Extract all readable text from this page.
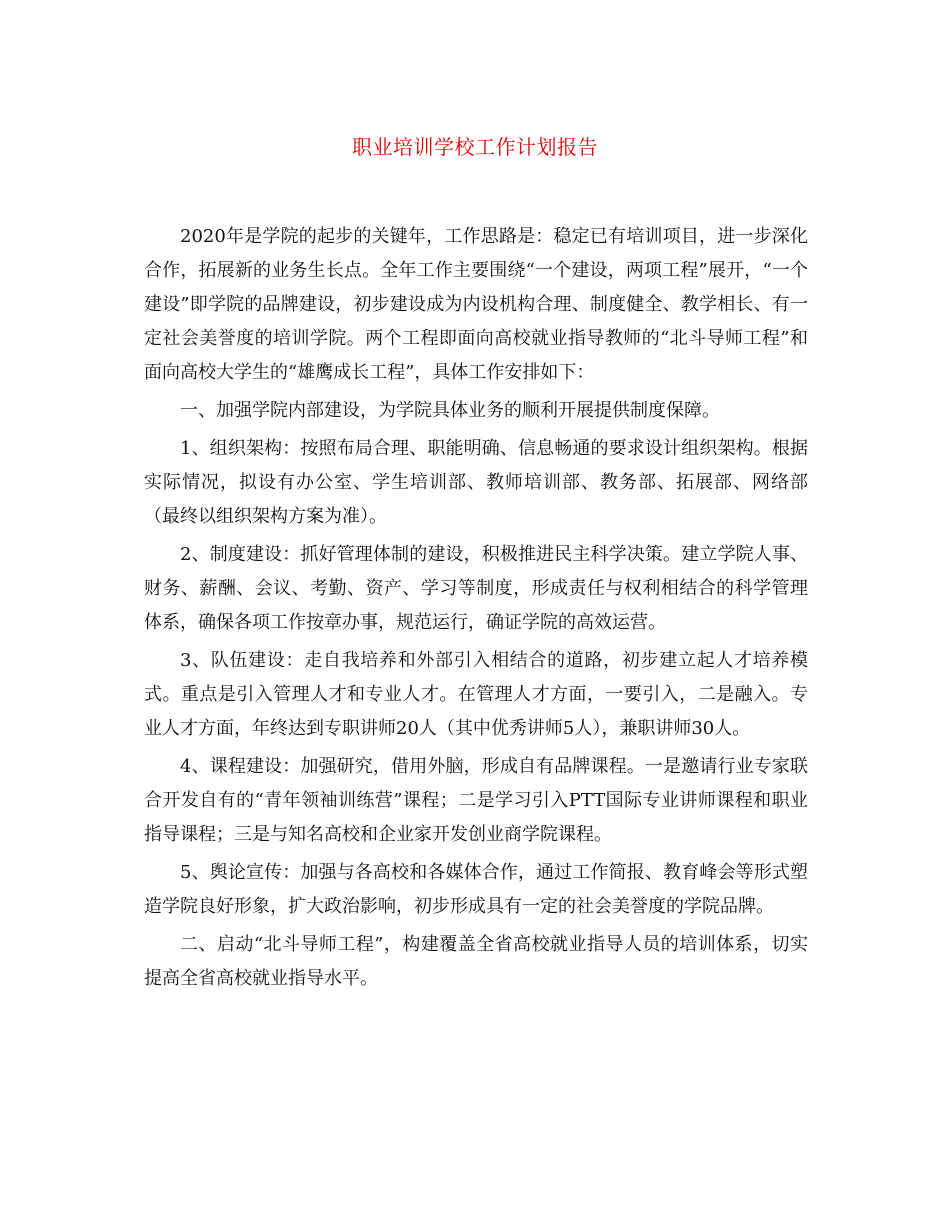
职业培训学校工作计划报告

2020年是学院的起步的关键年，工作思路是：稳定已有培训项目，进一步深化合作，拓展新的业务生长点。全年工作主要围绕“一个建设，两项工程”展开，“一个建设”即学院的品牌建设，初步建设成为内设机构合理、制度健全、教学相长、有一定社会美誉度的培训学院。两个工程即面向高校就业指导教师的“北斗导师工程”和面向高校大学生的“雄鹰成长工程”，具体工作安排如下：

一、加强学院内部建设，为学院具体业务的顺利开展提供制度保障。

1、组织架构：按照布局合理、职能明确、信息畅通的要求设计组织架构。根据实际情况，拟设有办公室、学生培训部、教师培训部、教务部、拓展部、网络部（最终以组织架构方案为准）。

2、制度建设：抓好管理体制的建设，积极推进民主科学决策。建立学院人事、财务、薪酬、会议、考勤、资产、学习等制度，形成责任与权利相结合的科学管理体系，确保各项工作按章办事，规范运行，确证学院的高效运营。

3、队伍建设：走自我培养和外部引入相结合的道路，初步建立起人才培养模式。重点是引入管理人才和专业人才。在管理人才方面，一要引入，二是融入。专业人才方面，年终达到专职讲师20人（其中优秀讲师5人），兼职讲师30人。

4、课程建设：加强研究，借用外脑，形成自有品牌课程。一是邀请行业专家联合开发自有的“青年领袖训练营”课程；二是学习引入PTT国际专业讲师课程和职业指导课程；三是与知名高校和企业家开发创业商学院课程。

5、舆论宣传：加强与各高校和各媒体合作，通过工作简报、教育峰会等形式塑造学院良好形象，扩大政治影响，初步形成具有一定的社会美誉度的学院品牌。

二、启动“北斗导师工程”，构建覆盖全省高校就业指导人员的培训体系，切实提高全省高校就业指导水平。
